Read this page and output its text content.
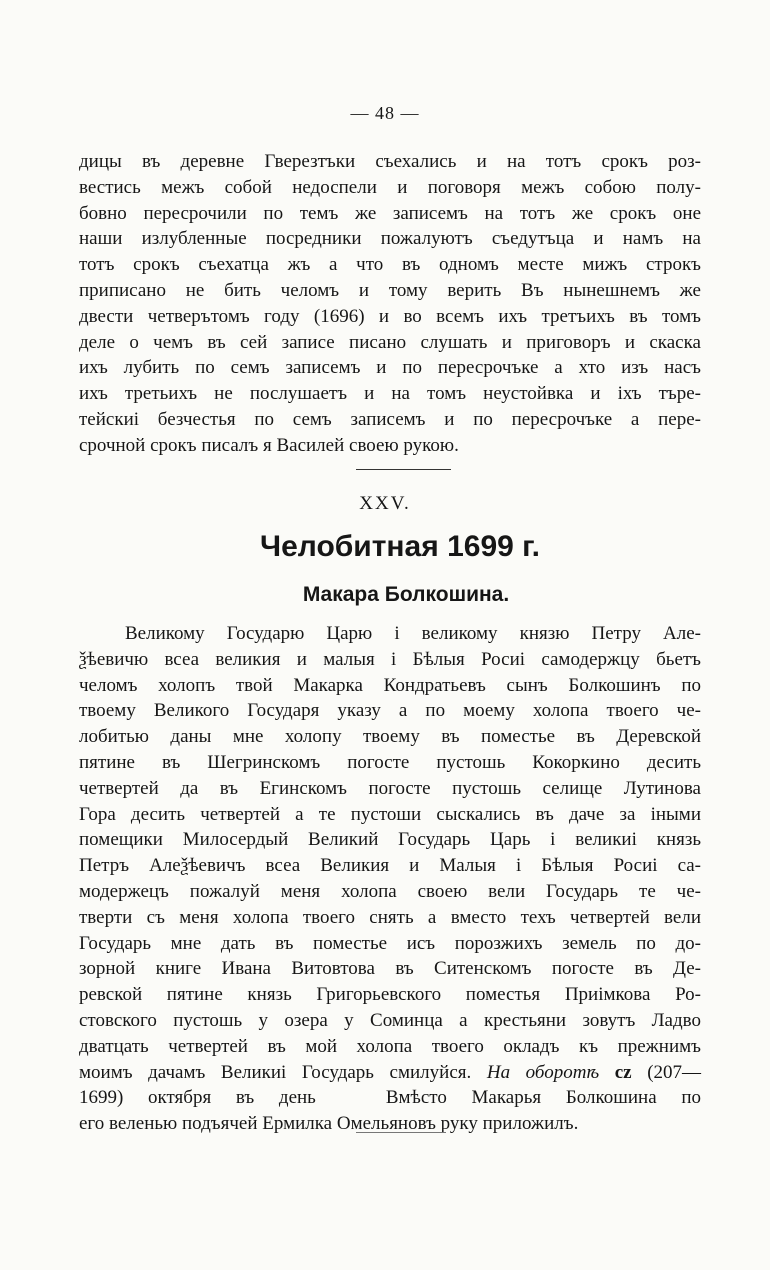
— 48 —
дицы въ деревне Гверезтъки съехались и на тотъ срокъ роз-
вестись межъ собой недоспели и поговоря межъ собою полу-
бовно пересрочили по темъ же записемъ на тотъ же срокъ оне
наши излубленные посредники пожалуютъ съедутъца и намъ на
тотъ срокъ съехатца жъ а что въ одномъ месте мижъ строкъ
приписано не бить челомъ и тому верить Въ нынешнемъ же
двести четверътомъ году (1696) и во всемъ ихъ третъихъ въ томъ
деле о чемъ въ сей записе писано слушать и приговоръ и скаска
ихъ лубить по семъ записемъ и по пересрочъке а хто изъ насъ
ихъ третьихъ не послушаетъ и на томъ неустойвка и іхъ търе-
тейскиі безчестья по семъ записемъ и по пересрочъке а пере-
срочной срокъ писалъ я Василей своею рукою.
XXV.
Челобитная 1699 г.
Макара Болкошина.
Великому Государю Царю і великому князю Петру Але-
ѯѣевичю всеа великия и малыя і Бѣлыя Росиі самодержцу бьетъ
челомъ холопъ твой Макарка Кондратьевъ сынъ Болкошинъ по
твоему Великого Государя указу а по моему холопа твоего че-
лобитью даны мне холопу твоему въ поместье въ Деревской
пятине въ Шегринскомъ погосте пустошь Кокоркино десить
четвертей да въ Егинскомъ погосте пустошь селище Лутинова
Гора десить четвертей а те пустоши сыскались въ даче за іными
помещики Милосердый Великий Государь Царь і великиі князь
Петръ Алеѯѣевичъ всеа Великия и Малыя і Бѣлыя Росиі са-
модержецъ пожалуй меня холопа своею вели Государь те че-
тверти съ меня холопа твоего снять а вместо техъ четвертей вели
Государь мне дать въ поместье исъ порозжихъ земель по до-
зорной книге Ивана Витовтова въ Ситенскомъ погосте въ Де-
ревской пятине князь Григорьевского поместья Приімкова Ро-
стовского пустошь у озера у Соминца а крестьяни зовутъ Ладво
дватцать четвертей въ мой холопа твоего окладъ къ прежнимъ
моимъ дачамъ Великиі Государь смилуйся. На оборотѣ cz (207—
1699) октября въ день	Вмѣсто Макарья Болкошина по
его веленью подъячей Ермилка Омельяновъ руку приложилъ.
